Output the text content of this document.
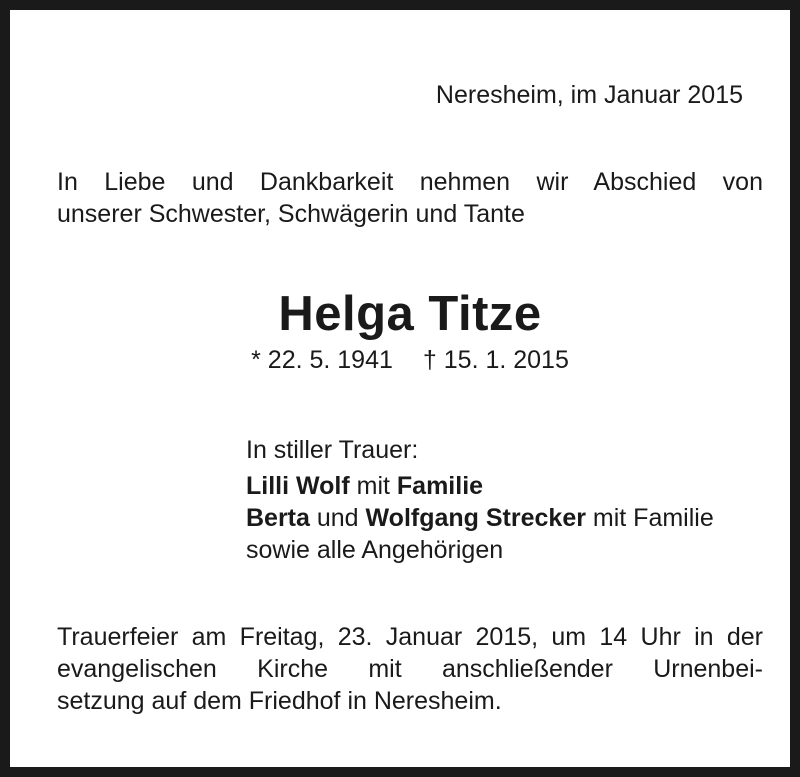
Neresheim, im Januar 2015
In Liebe und Dankbarkeit nehmen wir Abschied von
unserer Schwester, Schwägerin und Tante
Helga Titze
* 22. 5. 1941 † 15. 1. 2015
In stiller Trauer:
Lilli Wolf mit Familie
Berta und Wolfgang Strecker mit Familie
sowie alle Angehörigen
Trauerfeier am Freitag, 23. Januar 2015, um 14 Uhr in der
evangelischen Kirche mit anschließender Urnenbei-
setzung auf dem Friedhof in Neresheim.
